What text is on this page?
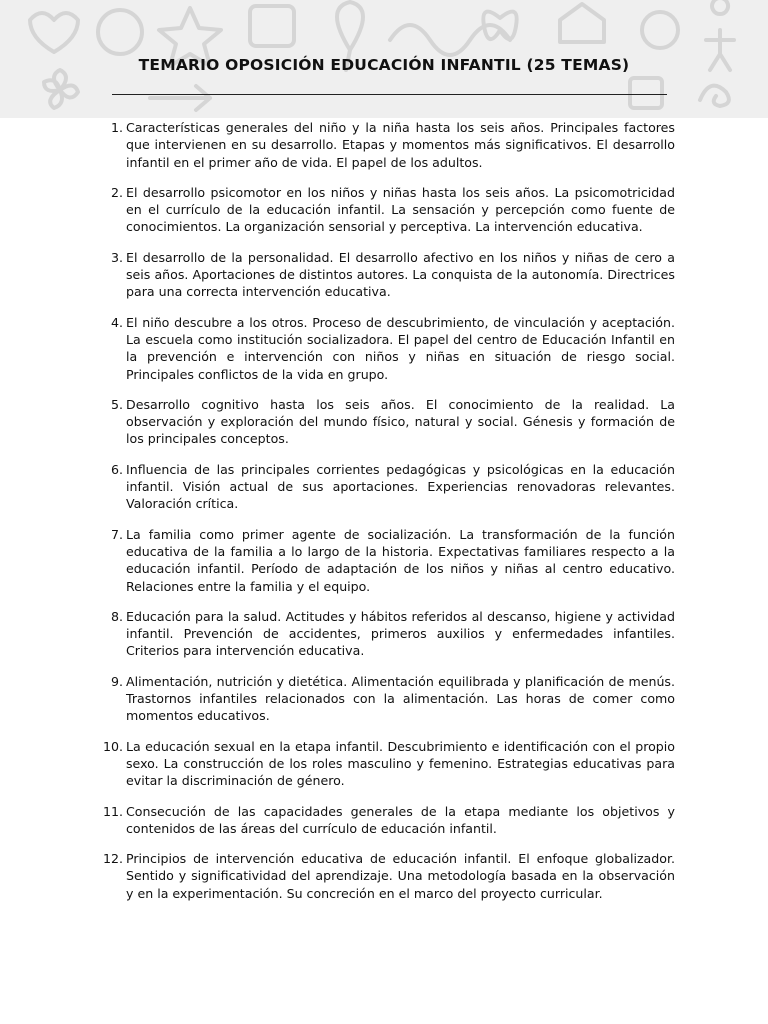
TEMARIO OPOSICIÓN EDUCACIÓN INFANTIL (25 TEMAS)
1. Características generales del niño y la niña hasta los seis años. Principales factores que intervienen en su desarrollo. Etapas y momentos más significativos. El desarrollo infantil en el primer año de vida. El papel de los adultos.
2. El desarrollo psicomotor en los niños y niñas hasta los seis años. La psicomotricidad en el currículo de la educación infantil. La sensación y percepción como fuente de conocimientos. La organización sensorial y perceptiva. La intervención educativa.
3. El desarrollo de la personalidad. El desarrollo afectivo en los niños y niñas de cero a seis años. Aportaciones de distintos autores. La conquista de la autonomía. Directrices para una correcta intervención educativa.
4. El niño descubre a los otros. Proceso de descubrimiento, de vinculación y aceptación. La escuela como institución socializadora. El papel del centro de Educación Infantil en la prevención e intervención con niños y niñas en situación de riesgo social. Principales conflictos de la vida en grupo.
5. Desarrollo cognitivo hasta los seis años. El conocimiento de la realidad. La observación y exploración del mundo físico, natural y social. Génesis y formación de los principales conceptos.
6. Influencia de las principales corrientes pedagógicas y psicológicas en la educación infantil. Visión actual de sus aportaciones. Experiencias renovadoras relevantes. Valoración crítica.
7. La familia como primer agente de socialización. La transformación de la función educativa de la familia a lo largo de la historia. Expectativas familiares respecto a la educación infantil. Período de adaptación de los niños y niñas al centro educativo. Relaciones entre la familia y el equipo.
8. Educación para la salud. Actitudes y hábitos referidos al descanso, higiene y actividad infantil. Prevención de accidentes, primeros auxilios y enfermedades infantiles. Criterios para intervención educativa.
9. Alimentación, nutrición y dietética. Alimentación equilibrada y planificación de menús. Trastornos infantiles relacionados con la alimentación. Las horas de comer como momentos educativos.
10. La educación sexual en la etapa infantil. Descubrimiento e identificación con el propio sexo. La construcción de los roles masculino y femenino. Estrategias educativas para evitar la discriminación de género.
11. Consecución de las capacidades generales de la etapa mediante los objetivos y contenidos de las áreas del currículo de educación infantil.
12. Principios de intervención educativa de educación infantil. El enfoque globalizador. Sentido y significatividad del aprendizaje. Una metodología basada en la observación y en la experimentación. Su concreción en el marco del proyecto curricular.
